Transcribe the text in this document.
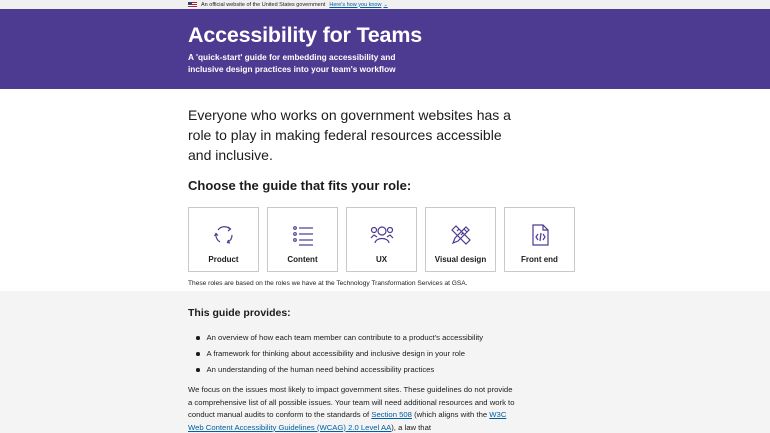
An official website of the United States government Here's how you know ⌄
Accessibility for Teams

A 'quick-start' guide for embedding accessibility and inclusive design practices into your team's workflow

Everyone who works on government websites has a role to play in making federal resources accessible and inclusive.

Choose the guide that fits your role:
Product	Content	UX	Visual design	Front end

These roles are based on the roles we have at the Technology Transformation Services at GSA.

This guide provides:
An overview of how each team member can contribute to a product's accessibility
A framework for thinking about accessibility and inclusive design in your role
An understanding of the human need behind accessibility practices

We focus on the issues most likely to impact government sites. These guidelines do not provide a comprehensive list of all possible issues. Your team will need additional resources and work to conduct manual audits to conform to the standards of Section 508 (which aligns with the W3C Web Content Accessibility Guidelines (WCAG) 2.0 Level AA), a law that
